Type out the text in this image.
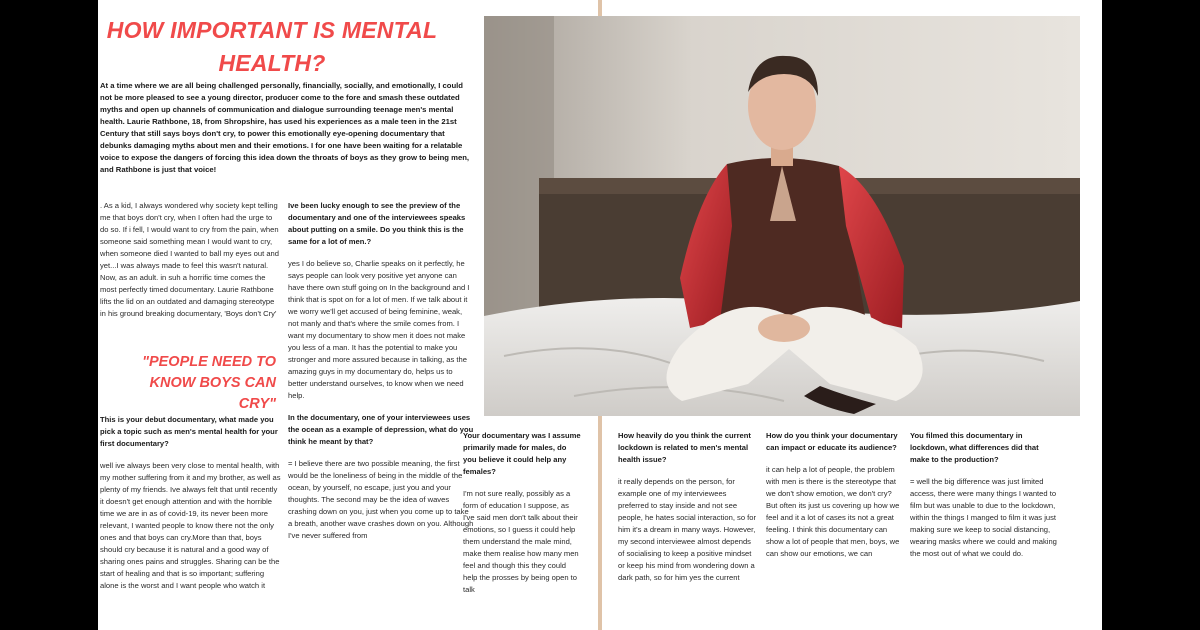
HOW IMPORTANT IS MENTAL HEALTH?

At a time where we are all being challenged personally, financially, socially, and emotionally, I could not be more pleased to see a young director, producer come to the fore and smash these outdated myths and open up channels of communication and dialogue surrounding teenage men's mental health. Laurie Rathbone, 18, from Shropshire, has used his experiences as a male teen in the 21st Century that still says boys don't cry, to power this emotionally eye-opening documentary that debunks damaging myths about men and their emotions. I for one have been waiting for a relatable voice to expose the dangers of forcing this idea down the throats of boys as they grow to being men, and Rathbone is just that voice!

. As a kid, I always wondered why society kept telling me that boys don't cry, when I often had the urge to do so. If i fell, I would want to cry from the pain, when someone said something mean I would want to cry, when someone died I wanted to ball my eyes out and yet...I was always made to feel this wasn't natural. Now, as an adult. in suh a horrific time comes the most perfectly timed documentary. Laurie Rathbone lifts the lid on an outdated and damaging stereotype in his ground breaking documentary, 'Boys don't Cry'

"PEOPLE NEED TO KNOW BOYS CAN CRY"

This is your debut documentary, what made you pick a topic such as men's mental health for your first documentary?

well ive always been very close to mental health, with my mother suffering from it and my brother, as well as plenty of my friends. Ive always felt that until recently it doesn't get enough attention and with the horrible time we are in as of covid-19, its never been more relevant, I wanted people to know there not the only ones and that boys can cry.More than that, boys should cry because it is natural and a good way of sharing ones pains and struggles. Sharing can be the start of healing and that is so important; suffering alone is the worst and I want people who watch it

Ive been lucky enough to see the preview of the documentary and one of the interviewees speaks about putting on a smile. Do you think this is the same for a lot of men.?

yes I do believe so, Charlie speaks on it perfectly, he says people can look very positive yet anyone can have there own stuff going on In the background and I think that is spot on for a lot of men. If we talk about it we worry we'll get accused of being feminine, weak, not manly and that's where the smile comes from. I want my documentary to show men it does not make you less of a man. It has the potential to make you stronger and more assured because in talking, as the amazing guys in my documentary do, helps us to better understand ourselves, to know when we need help.

In the documentary, one of your interviewees uses the ocean as a example of depression, what do you think he meant by that?

= I believe there are two possible meaning, the first would be the loneliness of being in the middle of the ocean, by yourself, no escape, just you and your thoughts. The second may be the idea of waves crashing down on you, just when you come up to take a breath, another wave crashes down on you. Although I've never suffered from

Your documentary was I assume primarily made for males, do you believe it could help any females?

I'm not sure really, possibly as a form of education I suppose, as I've said men don't talk about their emotions, so I guess it could help them understand the male mind, make them realise how many men feel and though this they could help the prosses by being open to talk

How heavily do you think the current lockdown is related to men's mental health issue?

it really depends on the person, for example one of my interviewees preferred to stay inside and not see people, he hates social interaction, so for him it's a dream in many ways. However, my second interviewee almost depends of socialising to keep a positive mindset or keep his mind from wondering down a dark path, so for him yes the current

How do you think your documentary can impact or educate its audience?

it can help a lot of people, the problem with men is there is the stereotype that we don't show emotion, we don't cry? But often its just us covering up how we feel and it a lot of cases its not a great feeling. I think this documentary can show a lot of people that men, boys, we can show our emotions, we can

You filmed this documentary in lockdown, what differences did that make to the production?

= well the big difference was just limited access, there were many things I wanted to film but was unable to due to the lockdown, within the things I manged to film it was just making sure we keep to social distancing, wearing masks where we could and making the most out of what we could do.
